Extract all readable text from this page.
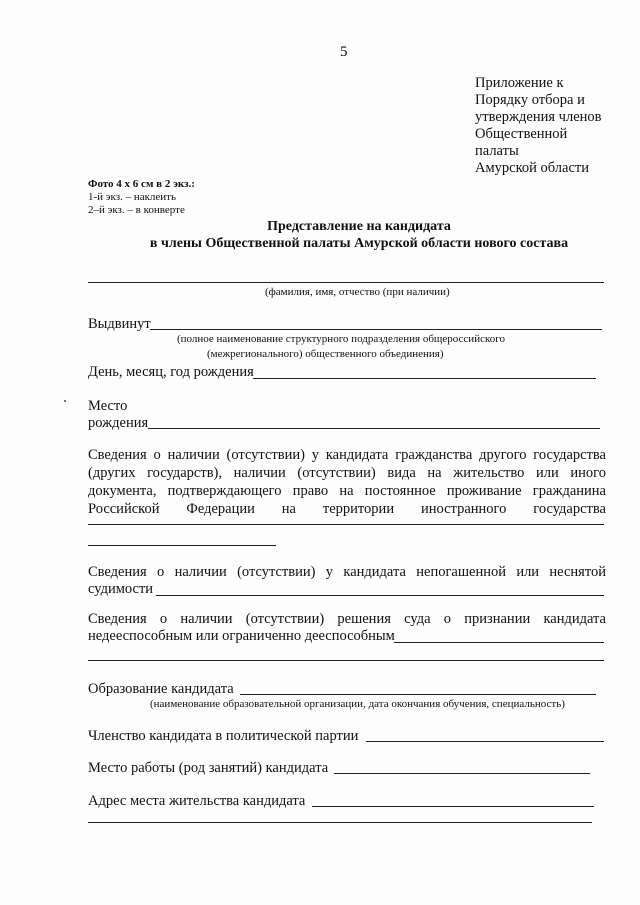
5
Приложение к
Порядку отбора и
утверждения членов
Общественной
палаты
Амурской области
Фото 4 x 6 см в 2 экз.:
1-й экз. – наклеить
2–й экз. – в конверте
Представление на кандидата
в члены Общественной палаты Амурской области нового состава
(фамилия, имя, отчество (при наличии)
Выдвинут
(полное наименование структурного подразделения общероссийского
(межрегионального) общественного объединения)
День, месяц, год рождения
Место
рождения
Сведения о наличии (отсутствии) у кандидата гражданства другого государства
(других государств), наличии (отсутствии) вида на жительство или иного
документа, подтверждающего право на постоянное проживание гражданина
Российской Федерации на территории иностранного государства
Сведения о наличии (отсутствии) у кандидата непогашенной или неснятой
судимости
Сведения о наличии (отсутствии) решения суда о признании кандидата
недееспособным или ограниченно дееспособным
Образование кандидата
(наименование образовательной организации, дата окончания обучения, специальность)
Членство кандидата в политической партии
Место работы (род занятий) кандидата
Адрес места жительства кандидата
